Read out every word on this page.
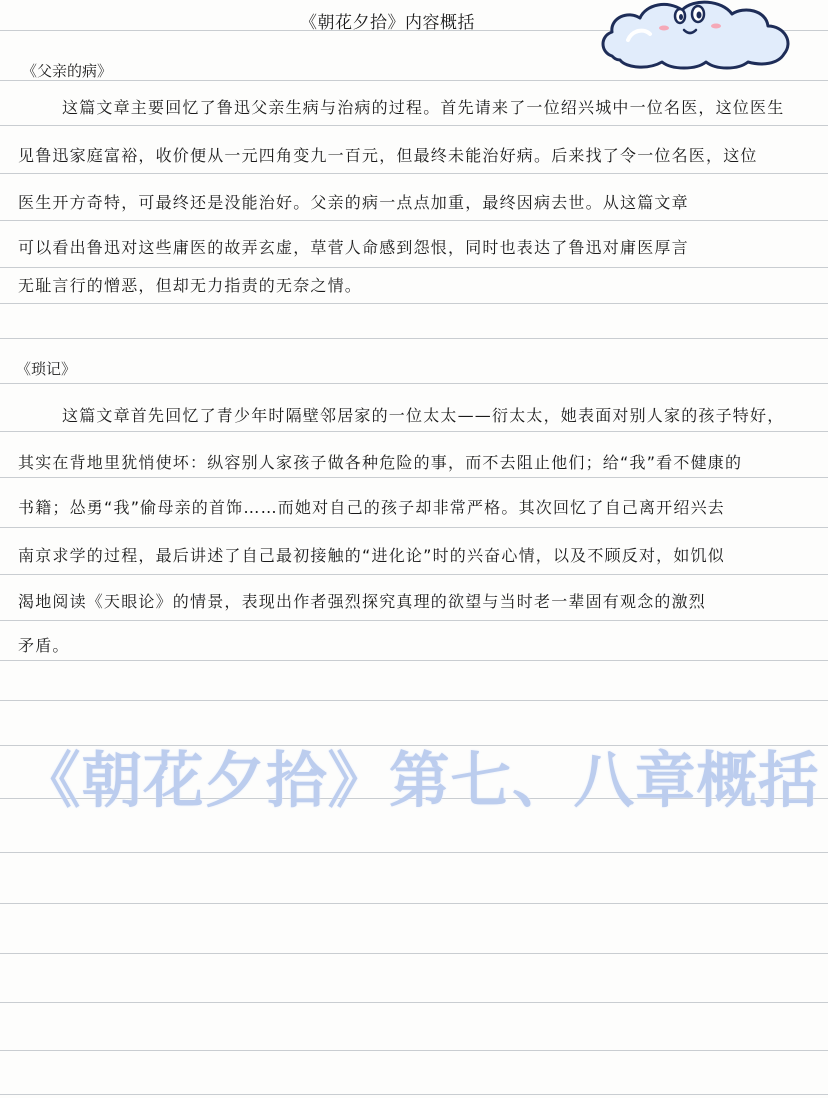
《朝花夕拾》内容概括
《父亲的病》
这篇文章主要回忆了鲁迅父亲生病与治病的过程。首先请来了一位绍兴城中一位名医，这位医生
见鲁迅家庭富裕，收价便从一元四角变九一百元，但最终未能治好病。后来找了令一位名医，这位
医生开方奇特，可最终还是没能治好。父亲的病一点点加重，最终因病去世。从这篇文章
可以看出鲁迅对这些庸医的故弄玄虚，草菅人命感到怨恨，同时也表达了鲁迅对庸医厚言
无耻言行的憎恶，但却无力指责的无奈之情。
《琐记》
这篇文章首先回忆了青少年时隔壁邻居家的一位太太——衍太太，她表面对别人家的孩子特好，
其实在背地里犹悄使坏：纵容别人家孩子做各种危险的事，而不去阻止他们；给“我”看不健康的
书籍；怂勇“我”偷母亲的首饰……而她对自己的孩子却非常严格。其次回忆了自己离开绍兴去
南京求学的过程，最后讲述了自己最初接触的“进化论”时的兴奋心情，以及不顾反对，如饥似
渴地阅读《天眼论》的情景，表现出作者强烈探究真理的欲望与当时老一辈固有观念的激烈
矛盾。
《朝花夕拾》第七、八章概括
